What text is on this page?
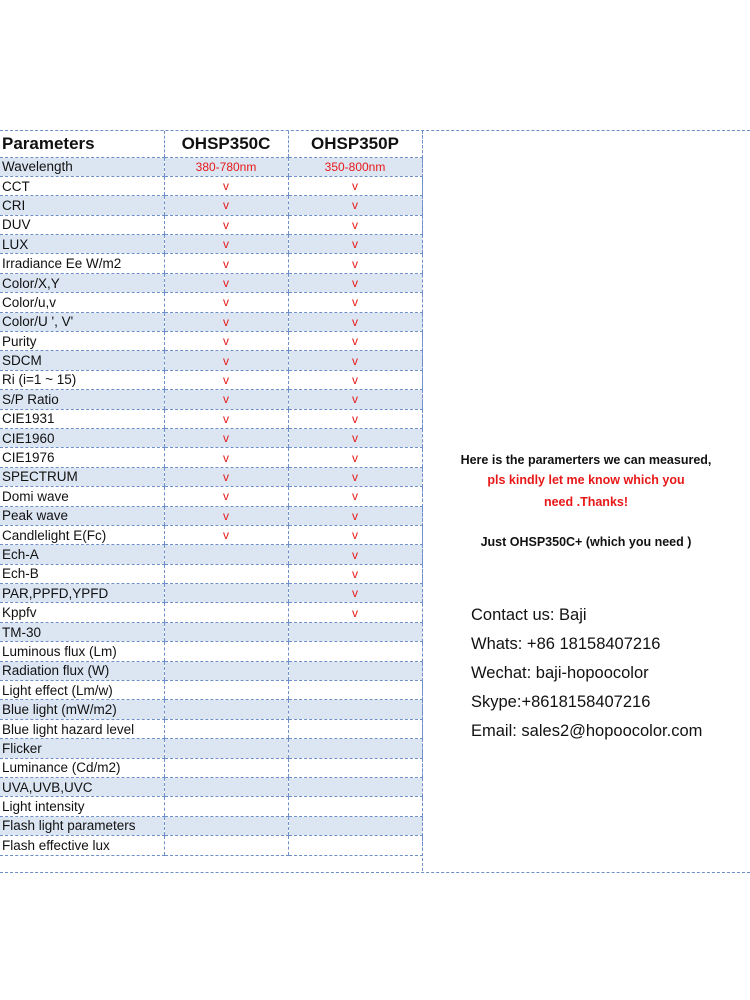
Parameters	OHSP350C	OHSP350P
Wavelength	380-780nm	350-800nm
CCT	v	v
CRI	v	v
DUV	v	v
LUX	v	v
Irradiance Ee W/m2	v	v
Color/X,Y	v	v
Color/u,v	v	v
Color/U ', V'	v	v
Purity	v	v
SDCM	v	v
Ri (i=1 ~ 15)	v	v
S/P Ratio	v	v
CIE1931	v	v
CIE1960	v	v
CIE1976	v	v
SPECTRUM	v	v
Domi wave	v	v
Peak wave	v	v
Candlelight E(Fc)	v	v
Ech-A		v
Ech-B		v
PAR,PPFD,YPFD		v
Kppfv		v
TM-30		
Luminous flux (Lm)		
Radiation flux (W)		
Light effect (Lm/w)		
Blue light (mW/m2)		
Blue light hazard level		
Flicker		
Luminance (Cd/m2)		
UVA,UVB,UVC		
Light intensity		
Flash light parameters		
Flash effective lux		
Here is the paramerters we can measured,
pls kindly let me know which you
need .Thanks!
Just OHSP350C+ (which you need )
Contact us: Baji
Whats: +86 18158407216
Wechat: baji-hopoocolor
Skype:+8618158407216
Email: sales2@hopoocolor.com
